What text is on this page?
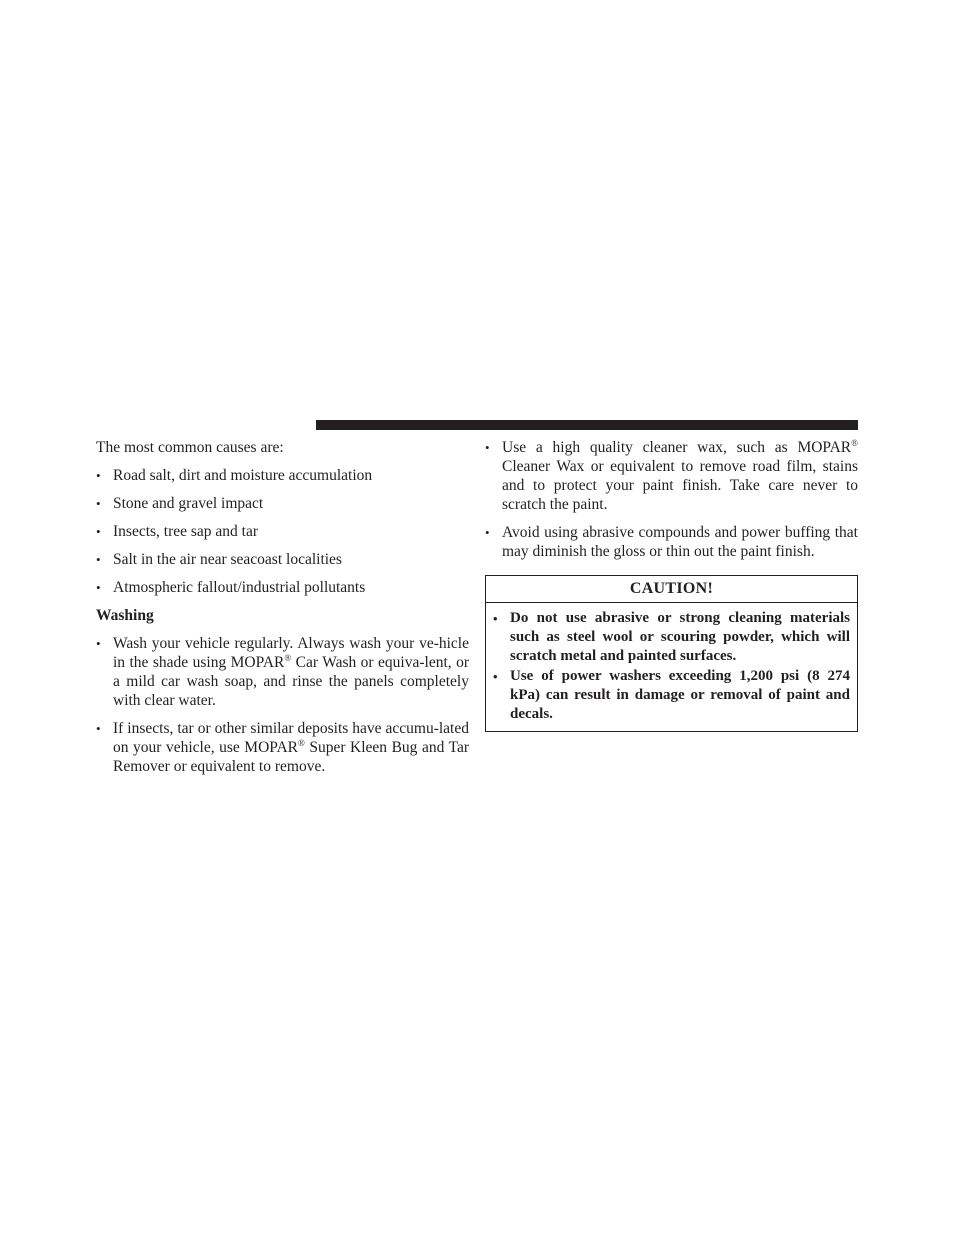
The most common causes are:

• Road salt, dirt and moisture accumulation
• Stone and gravel impact
• Insects, tree sap and tar
• Salt in the air near seacoast localities
• Atmospheric fallout/industrial pollutants

Washing

• Wash your vehicle regularly. Always wash your ve-hicle in the shade using MOPAR® Car Wash or equiva-lent, or a mild car wash soap, and rinse the panels completely with clear water.
• If insects, tar or other similar deposits have accumu-lated on your vehicle, use MOPAR® Super Kleen Bug and Tar Remover or equivalent to remove.
• Use a high quality cleaner wax, such as MOPAR® Cleaner Wax or equivalent to remove road film, stains and to protect your paint finish. Take care never to scratch the paint.
• Avoid using abrasive compounds and power buffing that may diminish the gloss or thin out the paint finish.
CAUTION!
• Do not use abrasive or strong cleaning materials such as steel wool or scouring powder, which will scratch metal and painted surfaces.
• Use of power washers exceeding 1,200 psi (8 274 kPa) can result in damage or removal of paint and decals.
